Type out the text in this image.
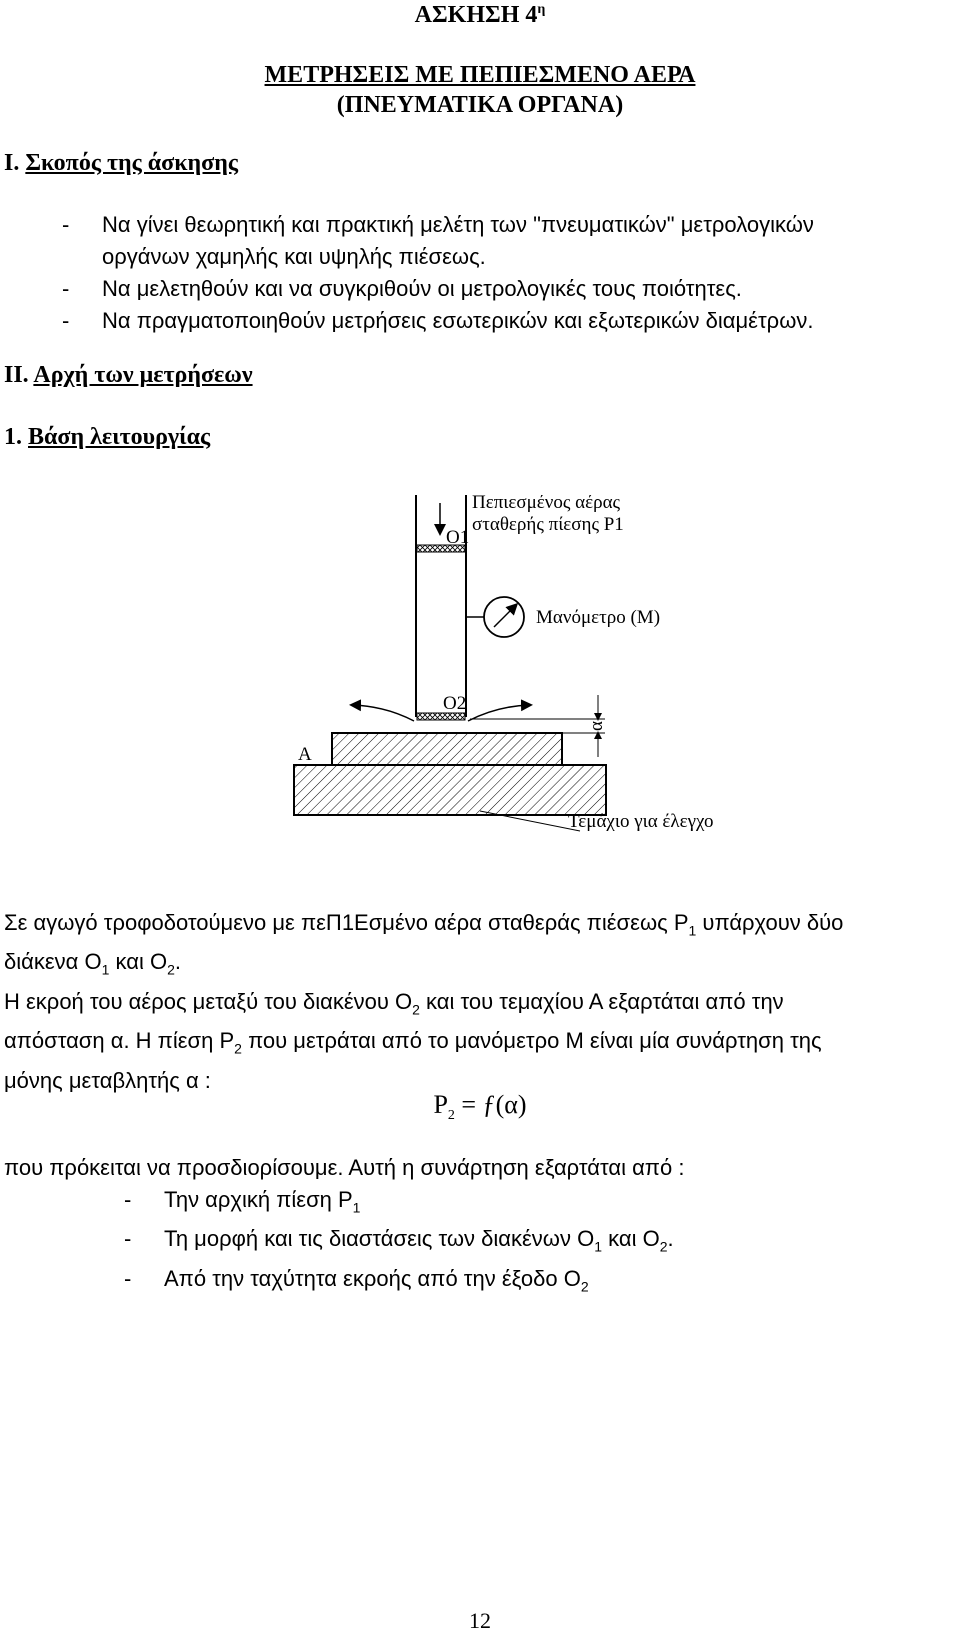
ΑΣΚΗΣΗ $4^\eta$
ΜΕΤΡΗΣΕΙΣ ΜΕ ΠΕΠΙΕΣΜΕΝΟ ΑΕΡΑ
(ΠΝΕΥΜΑΤΙΚΑ ΟΡΓΑΝΑ)
Ι. Σκοπός της άσκησης
- Να γίνει θεωρητική και πρακτική μελέτη των "πνευματικών" μετρολογικών
οργάνων χαμηλής και υψηλής πιέσεως.
- Να μελετηθούν και να συγκριθούν οι μετρολογικές τους ποιότητες.
- Να πραγματοποιηθούν μετρήσεις εσωτερικών και εξωτερικών διαμέτρων.
ΙΙ. Αρχή των μετρήσεων
1. Βάση λειτουργίας
Πεπιεσμένος αέρας
σταθερής πίεσης P1
O1
Μανόμετρο (Μ)
O2
α
A
Τεμάχιο για έλεγχο
Σε αγωγό τροφοδοτούμενο με πεΠ1Εσμένο αέρα σταθεράς πιέσεως $P_1$ υπάρχουν δύο
διάκενα $O_1$ και $O_2$.
Η εκροή του αέρος μεταξύ του διακένου $O_2$ και του τεμαχίου Α εξαρτάται από την
απόσταση α. Η πίεση $P_2$ που μετράται από το μανόμετρο Μ είναι μία συνάρτηση της
μόνης μεταβλητής α :
$P_2$ = ƒ(α)
που πρόκειται να προσδιορίσουμε. Αυτή η συνάρτηση εξαρτάται από :
- Την αρχική πίεση $P_1$
- Τη μορφή και τις διαστάσεις των διακένων $O_1$ και $O_2$.
- Από την ταχύτητα εκροής από την έξοδο $O_2$
12
